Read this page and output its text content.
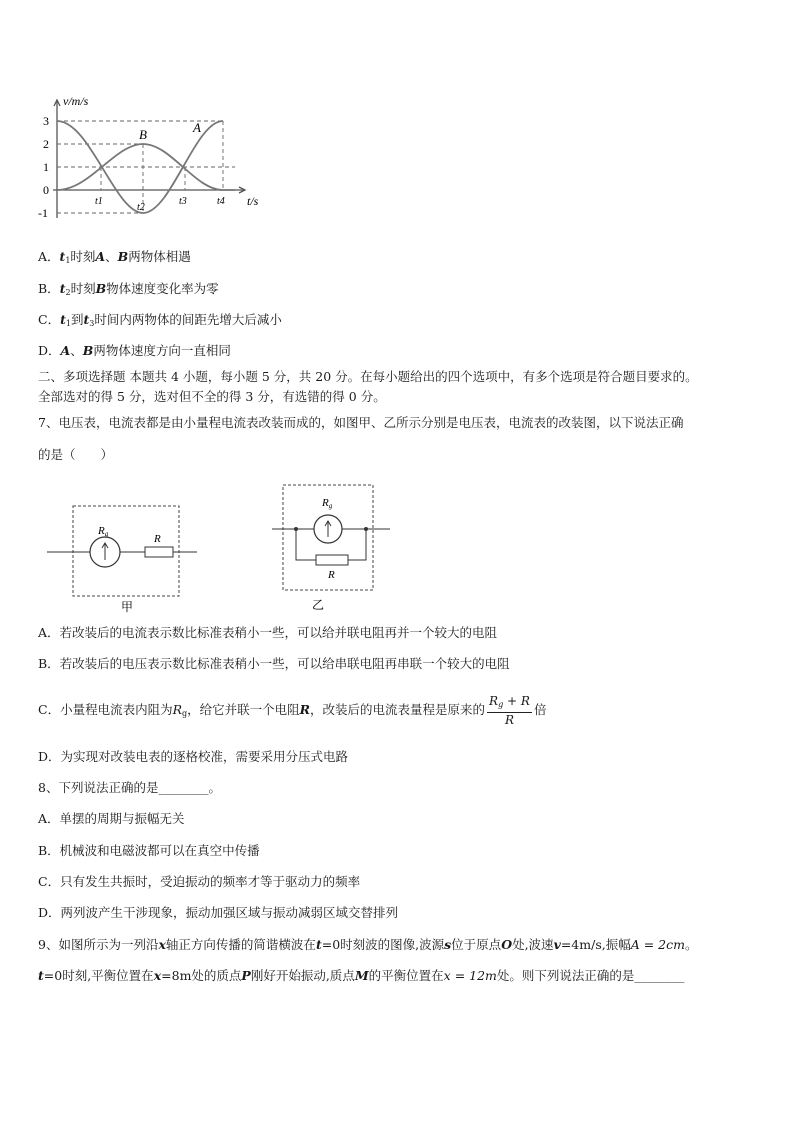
v/m/s
3
2
1
0
-1
t1
t2
t3	t4 t/s
A
B
A．$t_1$时刻A、B两物体相遇
B．$t_2$时刻B物体速度变化率为零
C．$t_1$到$t_3$时间内两物体的间距先增大后减小
D．A、B两物体速度方向一直相同
二、多项选择题 本题共 4 小题，每小题 5 分，共 20 分。在每小题给出的四个选项中，有多个选项是符合题目要求的。
全部选对的得 5 分，选对但不全的得 3 分，有选错的得 0 分。
7、电压表，电流表都是由小量程电流表改装而成的，如图甲、乙所示分别是电压表，电流表的改装图，以下说法正确
的是（　　）
Rg	R
甲
Rg
R
乙
A．若改装后的电流表示数比标准表稍小一些，可以给并联电阻再并一个较大的电阻
B．若改装后的电压表示数比标准表稍小一些，可以给串联电阻再串联一个较大的电阻
C．小量程电流表内阻为$R_g$，给它并联一个电阻R，改装后的电流表量程是原来的 $\frac{R_g + R}{R}$ 倍
D．为实现对改装电表的逐格校准，需要采用分压式电路
8、下列说法正确的是________。
A．单摆的周期与振幅无关
B．机械波和电磁波都可以在真空中传播
C．只有发生共振时，受迫振动的频率才等于驱动力的频率
D．两列波产生干涉现象，振动加强区域与振动减弱区域交替排列
9、如图所示为一列沿x轴正方向传播的简谐横波在t=0时刻波的图像,波源s位于原点O处,波速v=4m/s,振幅A = 2cm。
t=0时刻,平衡位置在x=8m处的质点P刚好开始振动,质点M的平衡位置在x = 12m处。则下列说法正确的是________
